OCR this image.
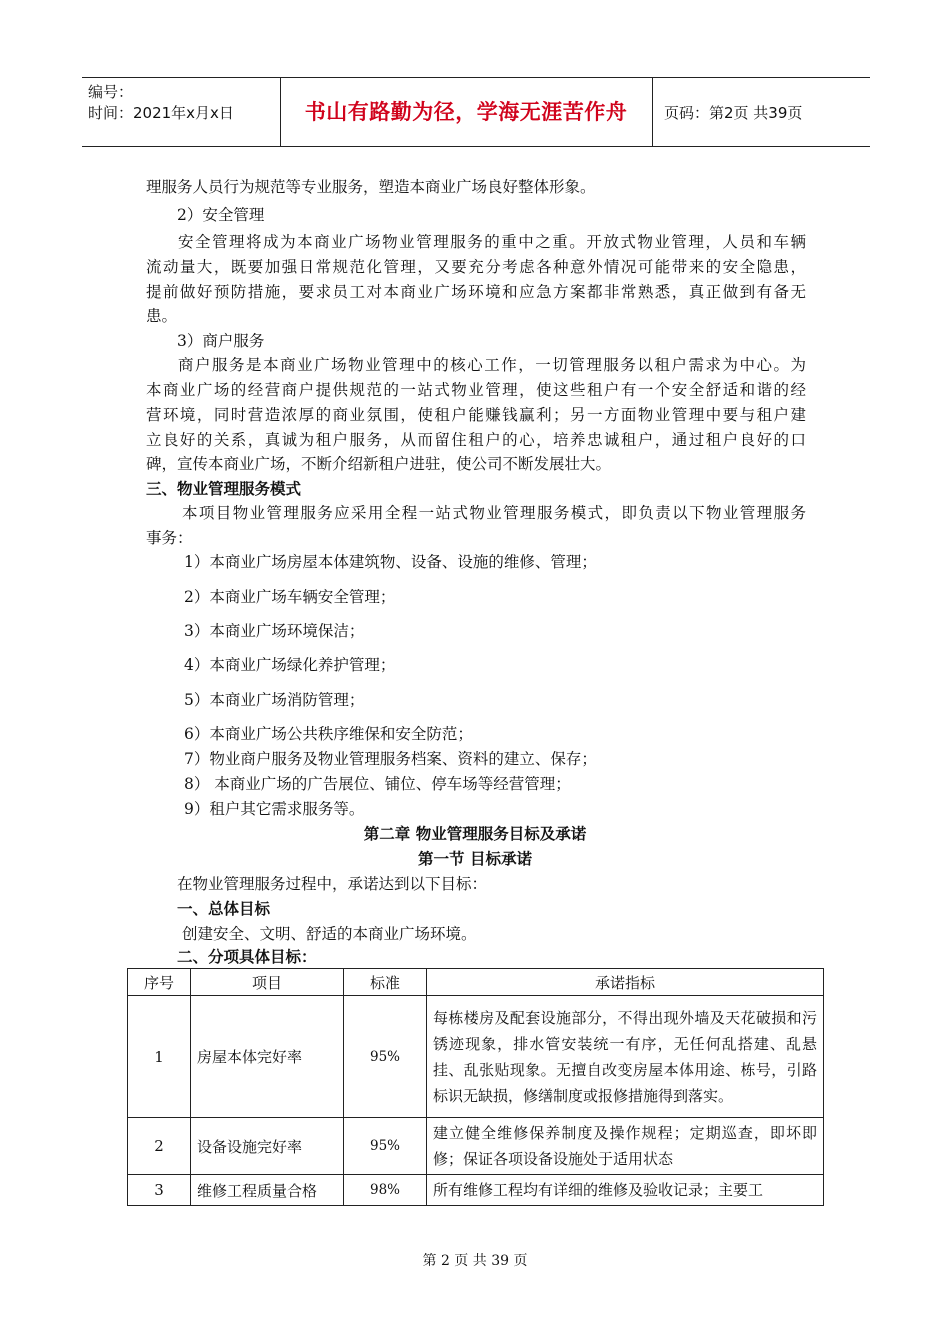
编号：
时间：2021年x月x日	书山有路勤为径，学海无涯苦作舟	页码：第2页 共39页
理服务人员行为规范等专业服务，塑造本商业广场良好整体形象。
2）安全管理
安全管理将成为本商业广场物业管理服务的重中之重。开放式物业管理，人员和车辆
流动量大，既要加强日常规范化管理，又要充分考虑各种意外情况可能带来的安全隐患，
提前做好预防措施，要求员工对本商业广场环境和应急方案都非常熟悉，真正做到有备无
患。
3）商户服务
商户服务是本商业广场物业管理中的核心工作，一切管理服务以租户需求为中心。为
本商业广场的经营商户提供规范的一站式物业管理，使这些租户有一个安全舒适和谐的经
营环境，同时营造浓厚的商业氛围，使租户能赚钱赢利；另一方面物业管理中要与租户建
立良好的关系，真诚为租户服务，从而留住租户的心，培养忠诚租户，通过租户良好的口
碑，宣传本商业广场，不断介绍新租户进驻，使公司不断发展壮大。
三、物业管理服务模式
本项目物业管理服务应采用全程一站式物业管理服务模式，即负责以下物业管理服务
事务：
1）本商业广场房屋本体建筑物、设备、设施的维修、管理；
2）本商业广场车辆安全管理；
3）本商业广场环境保洁；
4）本商业广场绿化养护管理；
5）本商业广场消防管理；
6）本商业广场公共秩序维保和安全防范；
7）物业商户服务及物业管理服务档案、资料的建立、保存；
8） 本商业广场的广告展位、铺位、停车场等经营管理；
9）租户其它需求服务等。
第二章 物业管理服务目标及承诺
第一节 目标承诺
在物业管理服务过程中，承诺达到以下目标：
一、总体目标
创建安全、文明、舒适的本商业广场环境。
二、分项具体目标：
序号	项目	标准	承诺指标
1	房屋本体完好率	95%	每栋楼房及配套设施部分，不得出现外墙及天花破损和污锈迹现象，排水管安装统一有序，无任何乱搭建、乱悬挂、乱张贴现象。无擅自改变房屋本体用途、栋号，引路标识无缺损，修缮制度或报修措施得到落实。
2	设备设施完好率	95%	建立健全维修保养制度及操作规程；定期巡查，即坏即修；保证各项设备设施处于适用状态
3	维修工程质量合格	98%	所有维修工程均有详细的维修及验收记录；主要工
第 2 页 共 39 页
